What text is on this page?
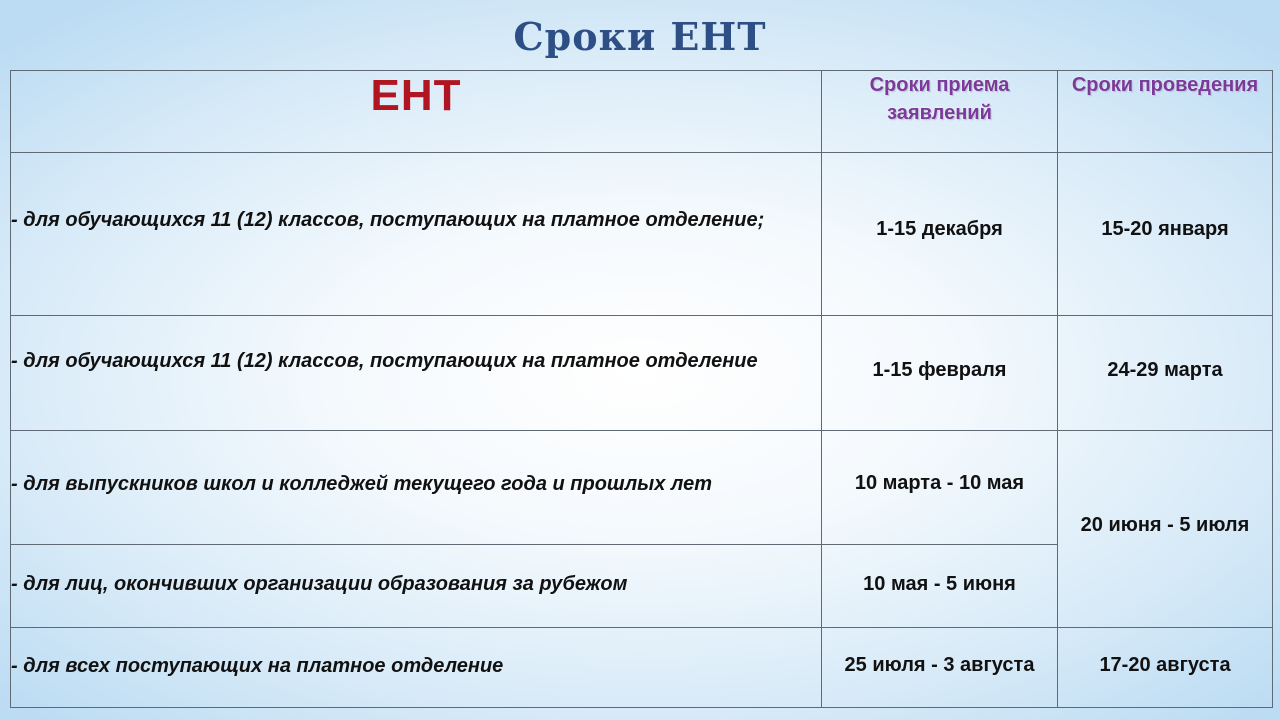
Сроки ЕНТ
ЕНТ	Сроки приема заявлений	Сроки проведения
- для обучающихся 11 (12) классов, поступающих на платное отделение;	1-15 декабря	15-20 января
- для обучающихся 11 (12) классов, поступающих на платное отделение	1-15 февраля	24-29 марта
- для выпускников школ и колледжей текущего года и прошлых лет	10 марта - 10 мая	20 июня - 5 июля
- для лиц, окончивших организации образования за рубежом	10 мая - 5 июня	
- для всех поступающих на платное отделение	25 июля - 3 августа	17-20 августа
